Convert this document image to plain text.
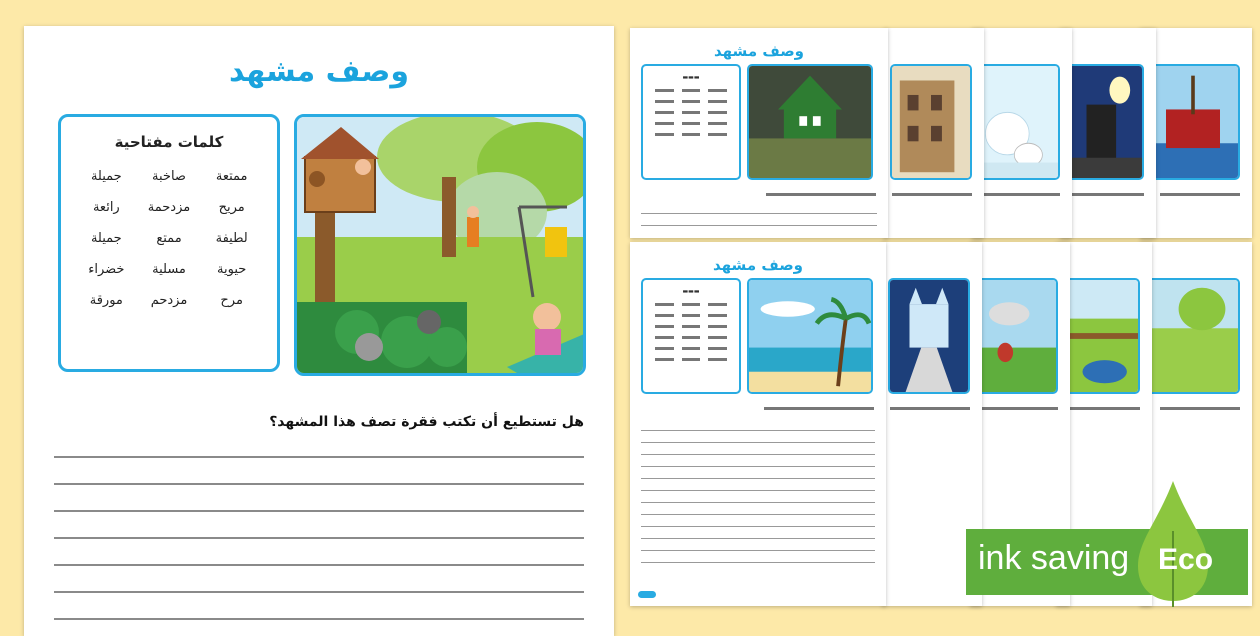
وصف مشهد
كلمات مفتاحية
ممتعة
صاخبة
جميلة
مريح
مزدحمة
رائعة
لطيفة
ممتع
جميلة
حيوية
مسلية
خضراء
مرح
مزدحم
مورقة
هل تستطيع أن تكتب فقرة تصف هذا المشهد؟
وصف مشهد
▬▬▬
وصف مشهد
▬▬▬
ink saving Eco
